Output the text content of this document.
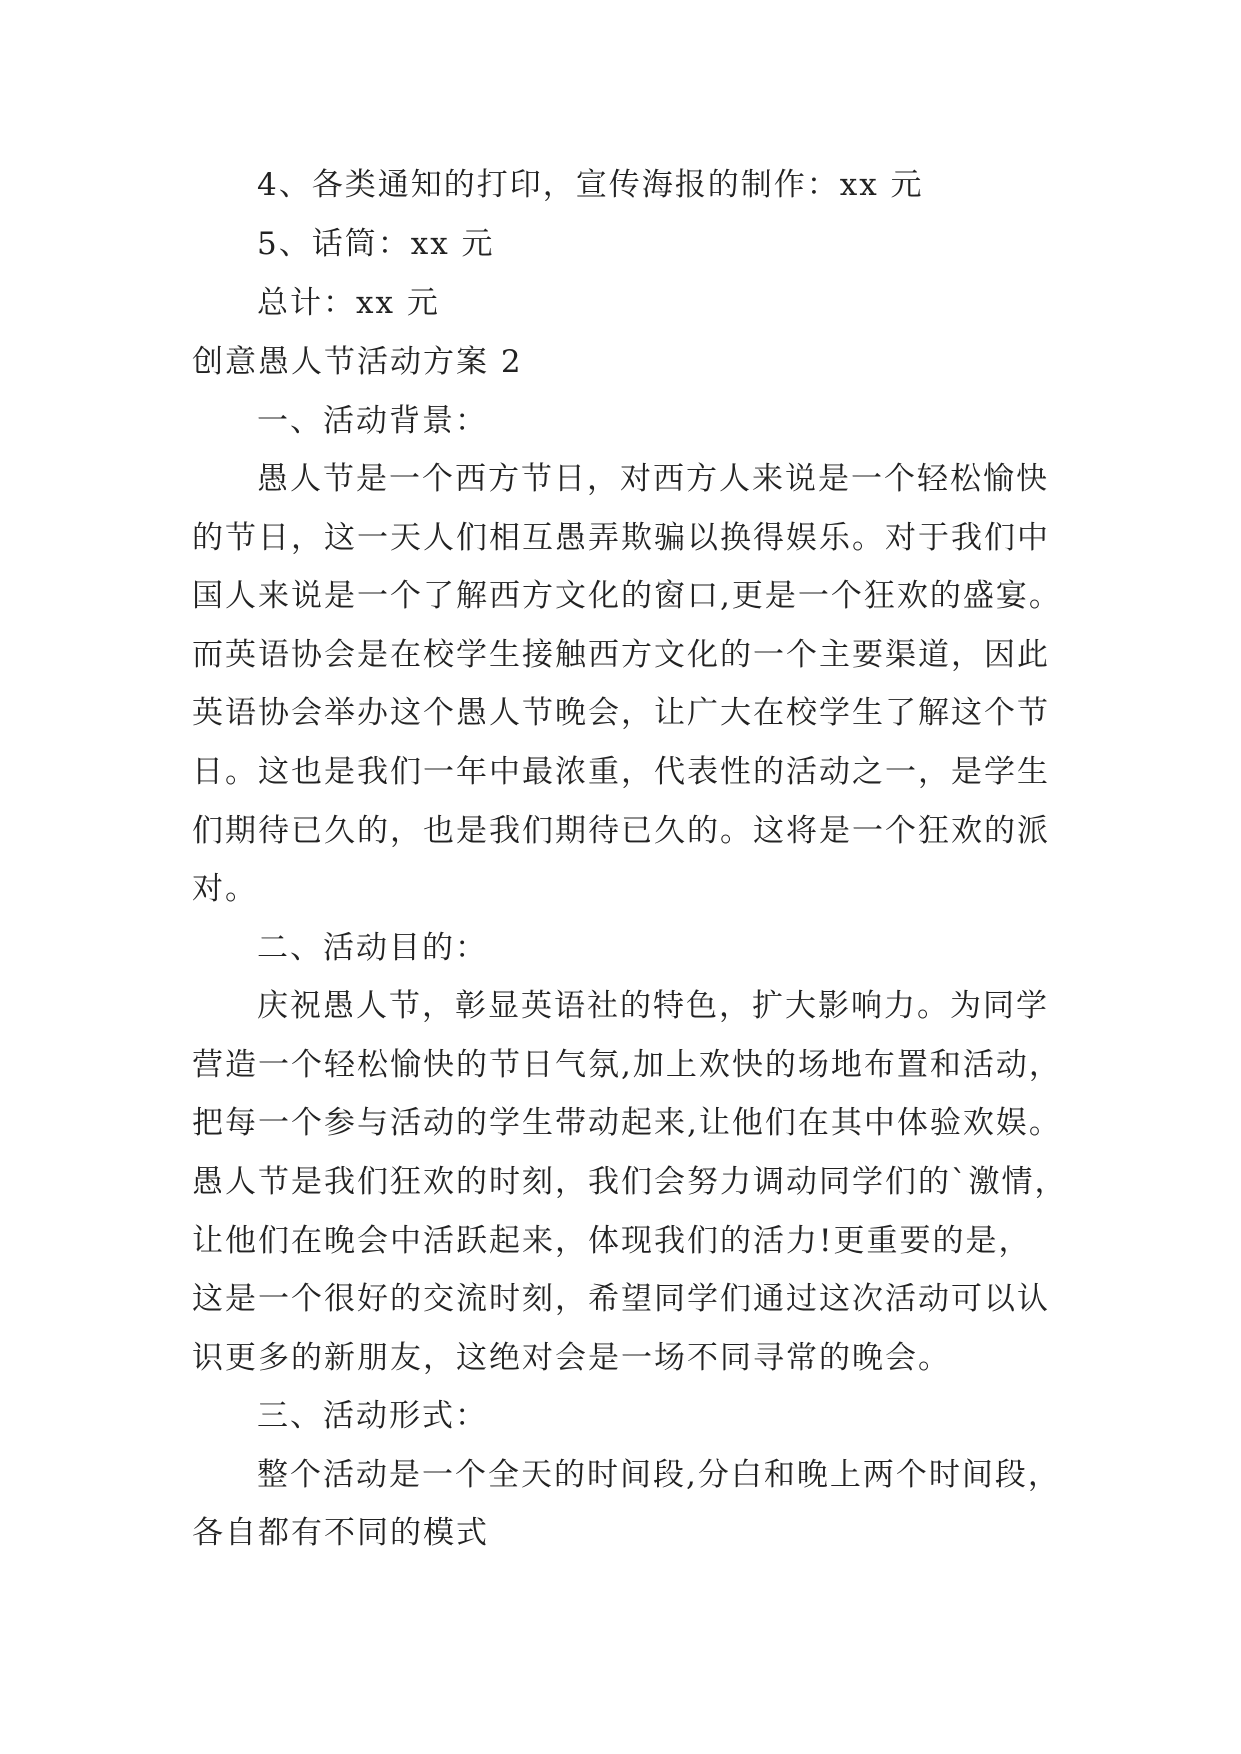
4、各类通知的打印，宣传海报的制作：xx 元
5、话筒：xx 元
总计：xx 元
创意愚人节活动方案 2
一、活动背景：
愚人节是一个西方节日，对西方人来说是一个轻松愉快
的节日，这一天人们相互愚弄欺骗以换得娱乐。对于我们中
国人来说是一个了解西方文化的窗口,更是一个狂欢的盛宴。
而英语协会是在校学生接触西方文化的一个主要渠道，因此
英语协会举办这个愚人节晚会，让广大在校学生了解这个节
日。这也是我们一年中最浓重，代表性的活动之一，是学生
们期待已久的，也是我们期待已久的。这将是一个狂欢的派
对。
二、活动目的：
庆祝愚人节，彰显英语社的特色，扩大影响力。为同学
营造一个轻松愉快的节日气氛,加上欢快的场地布置和活动，
把每一个参与活动的学生带动起来,让他们在其中体验欢娱。
愚人节是我们狂欢的时刻，我们会努力调动同学们的`激情，
让他们在晚会中活跃起来，体现我们的活力!更重要的是，
这是一个很好的交流时刻，希望同学们通过这次活动可以认
识更多的新朋友，这绝对会是一场不同寻常的晚会。
三、活动形式：
整个活动是一个全天的时间段,分白和晚上两个时间段，
各自都有不同的模式
